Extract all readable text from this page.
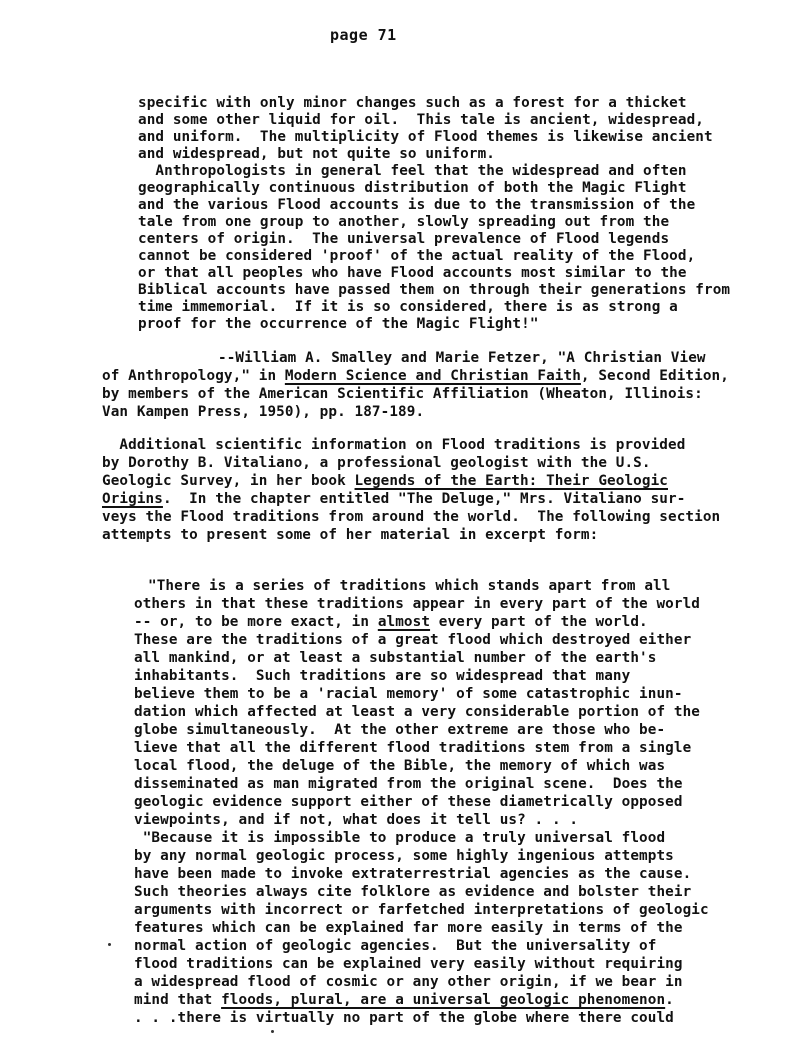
page 71
specific with only minor changes such as a forest for a thicket
and some other liquid for oil.  This tale is ancient, widespread,
and uniform.  The multiplicity of Flood themes is likewise ancient
and widespread, but not quite so uniform.
Anthropologists in general feel that the widespread and often
geographically continuous distribution of both the Magic Flight
and the various Flood accounts is due to the transmission of the
tale from one group to another, slowly spreading out from the
centers of origin.  The universal prevalence of Flood legends
cannot be considered 'proof' of the actual reality of the Flood,
or that all peoples who have Flood accounts most similar to the
Biblical accounts have passed them on through their generations from
time immemorial.  If it is so considered, there is as strong a
proof for the occurrence of the Magic Flight!"
--William A. Smalley and Marie Fetzer, "A Christian View
of Anthropology," in Modern Science and Christian Faith, Second Edition,
by members of the American Scientific Affiliation (Wheaton, Illinois:
Van Kampen Press, 1950), pp. 187-189.
Additional scientific information on Flood traditions is provided
by Dorothy B. Vitaliano, a professional geologist with the U.S.
Geologic Survey, in her book Legends of the Earth: Their Geologic
Origins.  In the chapter entitled "The Deluge," Mrs. Vitaliano sur-
veys the Flood traditions from around the world.  The following section
attempts to present some of her material in excerpt form:
"There is a series of traditions which stands apart from all
others in that these traditions appear in every part of the world
-- or, to be more exact, in almost every part of the world.
These are the traditions of a great flood which destroyed either
all mankind, or at least a substantial number of the earth's
inhabitants.  Such traditions are so widespread that many
believe them to be a 'racial memory' of some catastrophic inun-
dation which affected at least a very considerable portion of the
globe simultaneously.  At the other extreme are those who be-
lieve that all the different flood traditions stem from a single
local flood, the deluge of the Bible, the memory of which was
disseminated as man migrated from the original scene.  Does the
geologic evidence support either of these diametrically opposed
viewpoints, and if not, what does it tell us? . . .
"Because it is impossible to produce a truly universal flood
by any normal geologic process, some highly ingenious attempts
have been made to invoke extraterrestrial agencies as the cause.
Such theories always cite folklore as evidence and bolster their
arguments with incorrect or farfetched interpretations of geologic
features which can be explained far more easily in terms of the
normal action of geologic agencies.  But the universality of
flood traditions can be explained very easily without requiring
a widespread flood of cosmic or any other origin, if we bear in
mind that floods, plural, are a universal geologic phenomenon.
. . .there is virtually no part of the globe where there could
